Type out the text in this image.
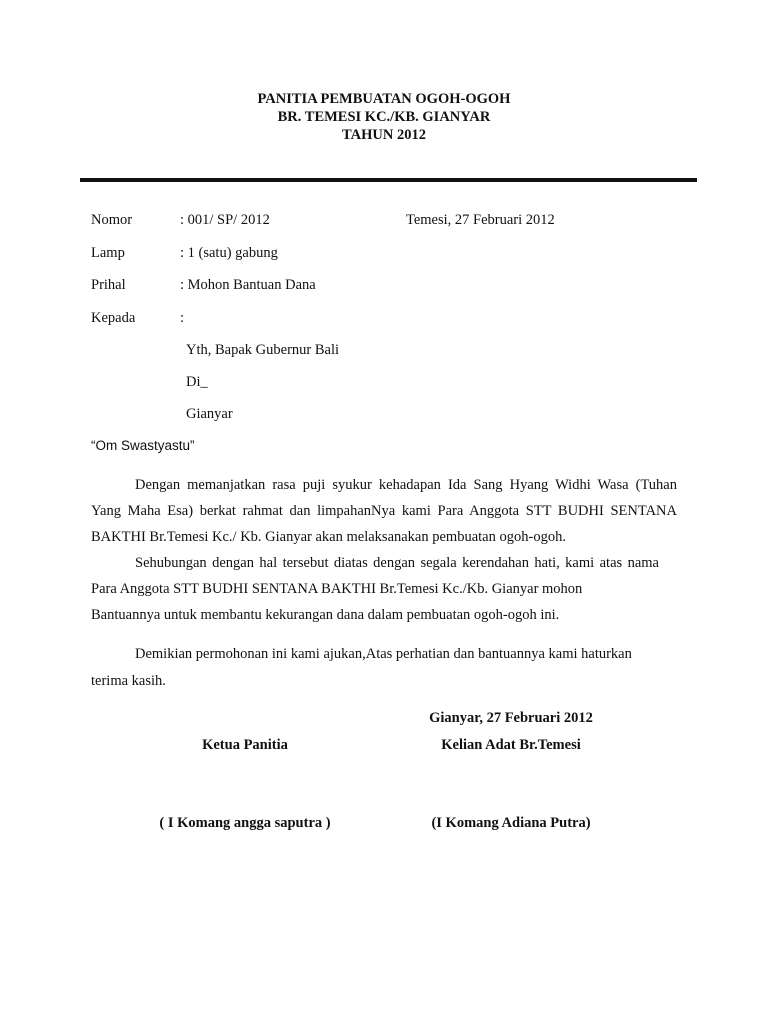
PANITIA PEMBUATAN OGOH-OGOH
BR. TEMESI KC./KB. GIANYAR
TAHUN 2012
Nomor	: 001/ SP/ 2012	Temesi, 27 Februari 2012
Lamp	: 1 (satu) gabung
Prihal	: Mohon Bantuan Dana
Kepada	:
Yth, Bapak Gubernur Bali
Di_
Gianyar
“Om Swastyastu”
Dengan memanjatkan rasa puji syukur kehadapan Ida Sang Hyang Widhi Wasa (Tuhan
Yang Maha Esa) berkat rahmat dan limpahanNya kami Para Anggota STT BUDHI SENTANA
BAKTHI Br.Temesi Kc./ Kb. Gianyar akan melaksanakan pembuatan ogoh-ogoh.
Sehubungan dengan hal tersebut diatas dengan segala kerendahan hati, kami atas nama
Para Anggota STT BUDHI SENTANA BAKTHI Br.Temesi Kc./Kb. Gianyar mohon
Bantuannya untuk membantu kekurangan dana dalam pembuatan ogoh-ogoh ini.
Demikian permohonan ini kami ajukan,Atas perhatian dan bantuannya kami haturkan
terima kasih.
Gianyar, 27 Februari 2012
Ketua Panitia	Kelian Adat Br.Temesi
( I Komang angga saputra )	(I Komang Adiana Putra)
